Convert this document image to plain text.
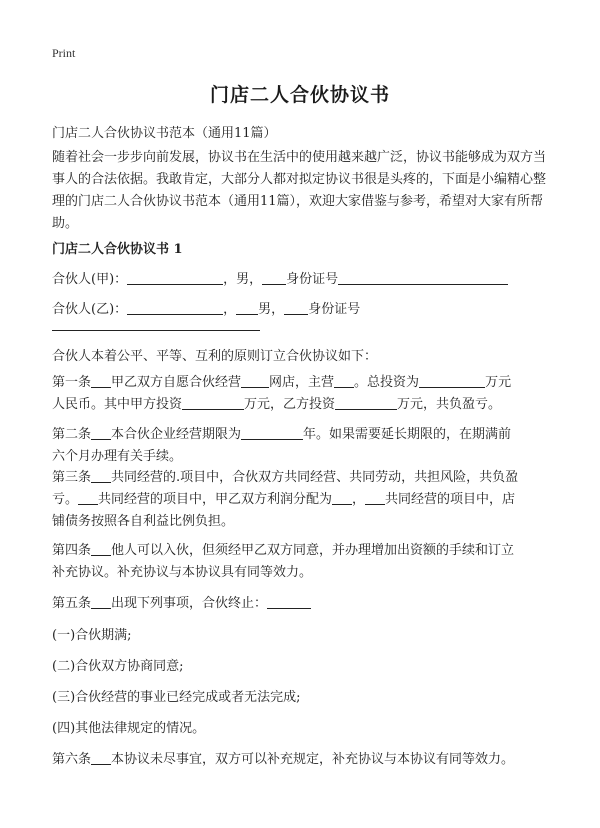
Print
门店二人合伙协议书
门店二人合伙协议书范本（通用11篇）
随着社会一步步向前发展，协议书在生活中的使用越来越广泛，协议书能够成为双方当事人的合法依据。我敢肯定，大部分人都对拟定协议书很是头疼的，下面是小编精心整理的门店二人合伙协议书范本（通用11篇），欢迎大家借鉴与参考，希望对大家有所帮助。
门店二人合伙协议书 1
合伙人(甲)：	，男， 身份证号
合伙人(乙)：	， 男， 身份证号
合伙人本着公平、平等、互利的原则订立合伙协议如下：
第一条 甲乙双方自愿合伙经营 网店，主营 。总投资为	万元
人民币。其中甲方投资	万元，乙方投资	万元，共负盈亏。
第二条 本合伙企业经营期限为	年。如果需要延长期限的，在期满前
六个月办理有关手续。
第三条 共同经营的.项目中，合伙双方共同经营、共同劳动，共担风险，共负盈
亏。 共同经营的项目中，甲乙双方利润分配为 ， 共同经营的项目中，店
铺债务按照各自利益比例负担。
第四条 他人可以入伙，但须经甲乙双方同意，并办理增加出资额的手续和订立
补充协议。补充协议与本协议具有同等效力。
第五条 出现下列事项，合伙终止：
(一)合伙期满;
(二)合伙双方协商同意;
(三)合伙经营的事业已经完成或者无法完成;
(四)其他法律规定的情况。
第六条 本协议未尽事宜，双方可以补充规定，补充协议与本协议有同等效力。
